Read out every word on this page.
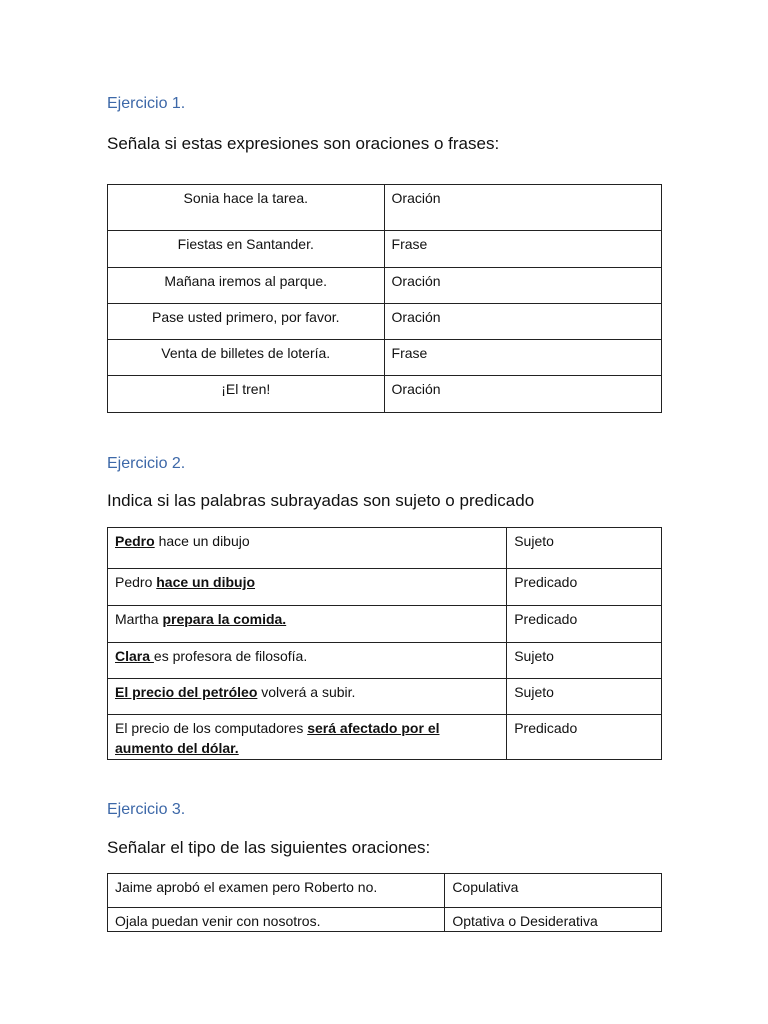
Ejercicio 1.
Señala si estas expresiones son oraciones o frases:
Sonia hace la tarea.	Oración
Fiestas en Santander.	Frase
Mañana iremos al parque.	Oración
Pase usted primero, por favor.	Oración
Venta de billetes de lotería.	Frase
¡El tren!	Oración
Ejercicio 2.
Indica si las palabras subrayadas son sujeto o predicado
Pedro hace un dibujo	Sujeto
Pedro hace un dibujo	Predicado
Martha prepara la comida.	Predicado
Clara es profesora de filosofía.	Sujeto
El precio del petróleo volverá a subir.	Sujeto
El precio de los computadores será afectado por el
aumento del dólar.	Predicado
Ejercicio 3.
Señalar el tipo de las siguientes oraciones:
Jaime aprobó el examen pero Roberto no.	Copulativa
Ojala puedan venir con nosotros.	Optativa o Desiderativa
